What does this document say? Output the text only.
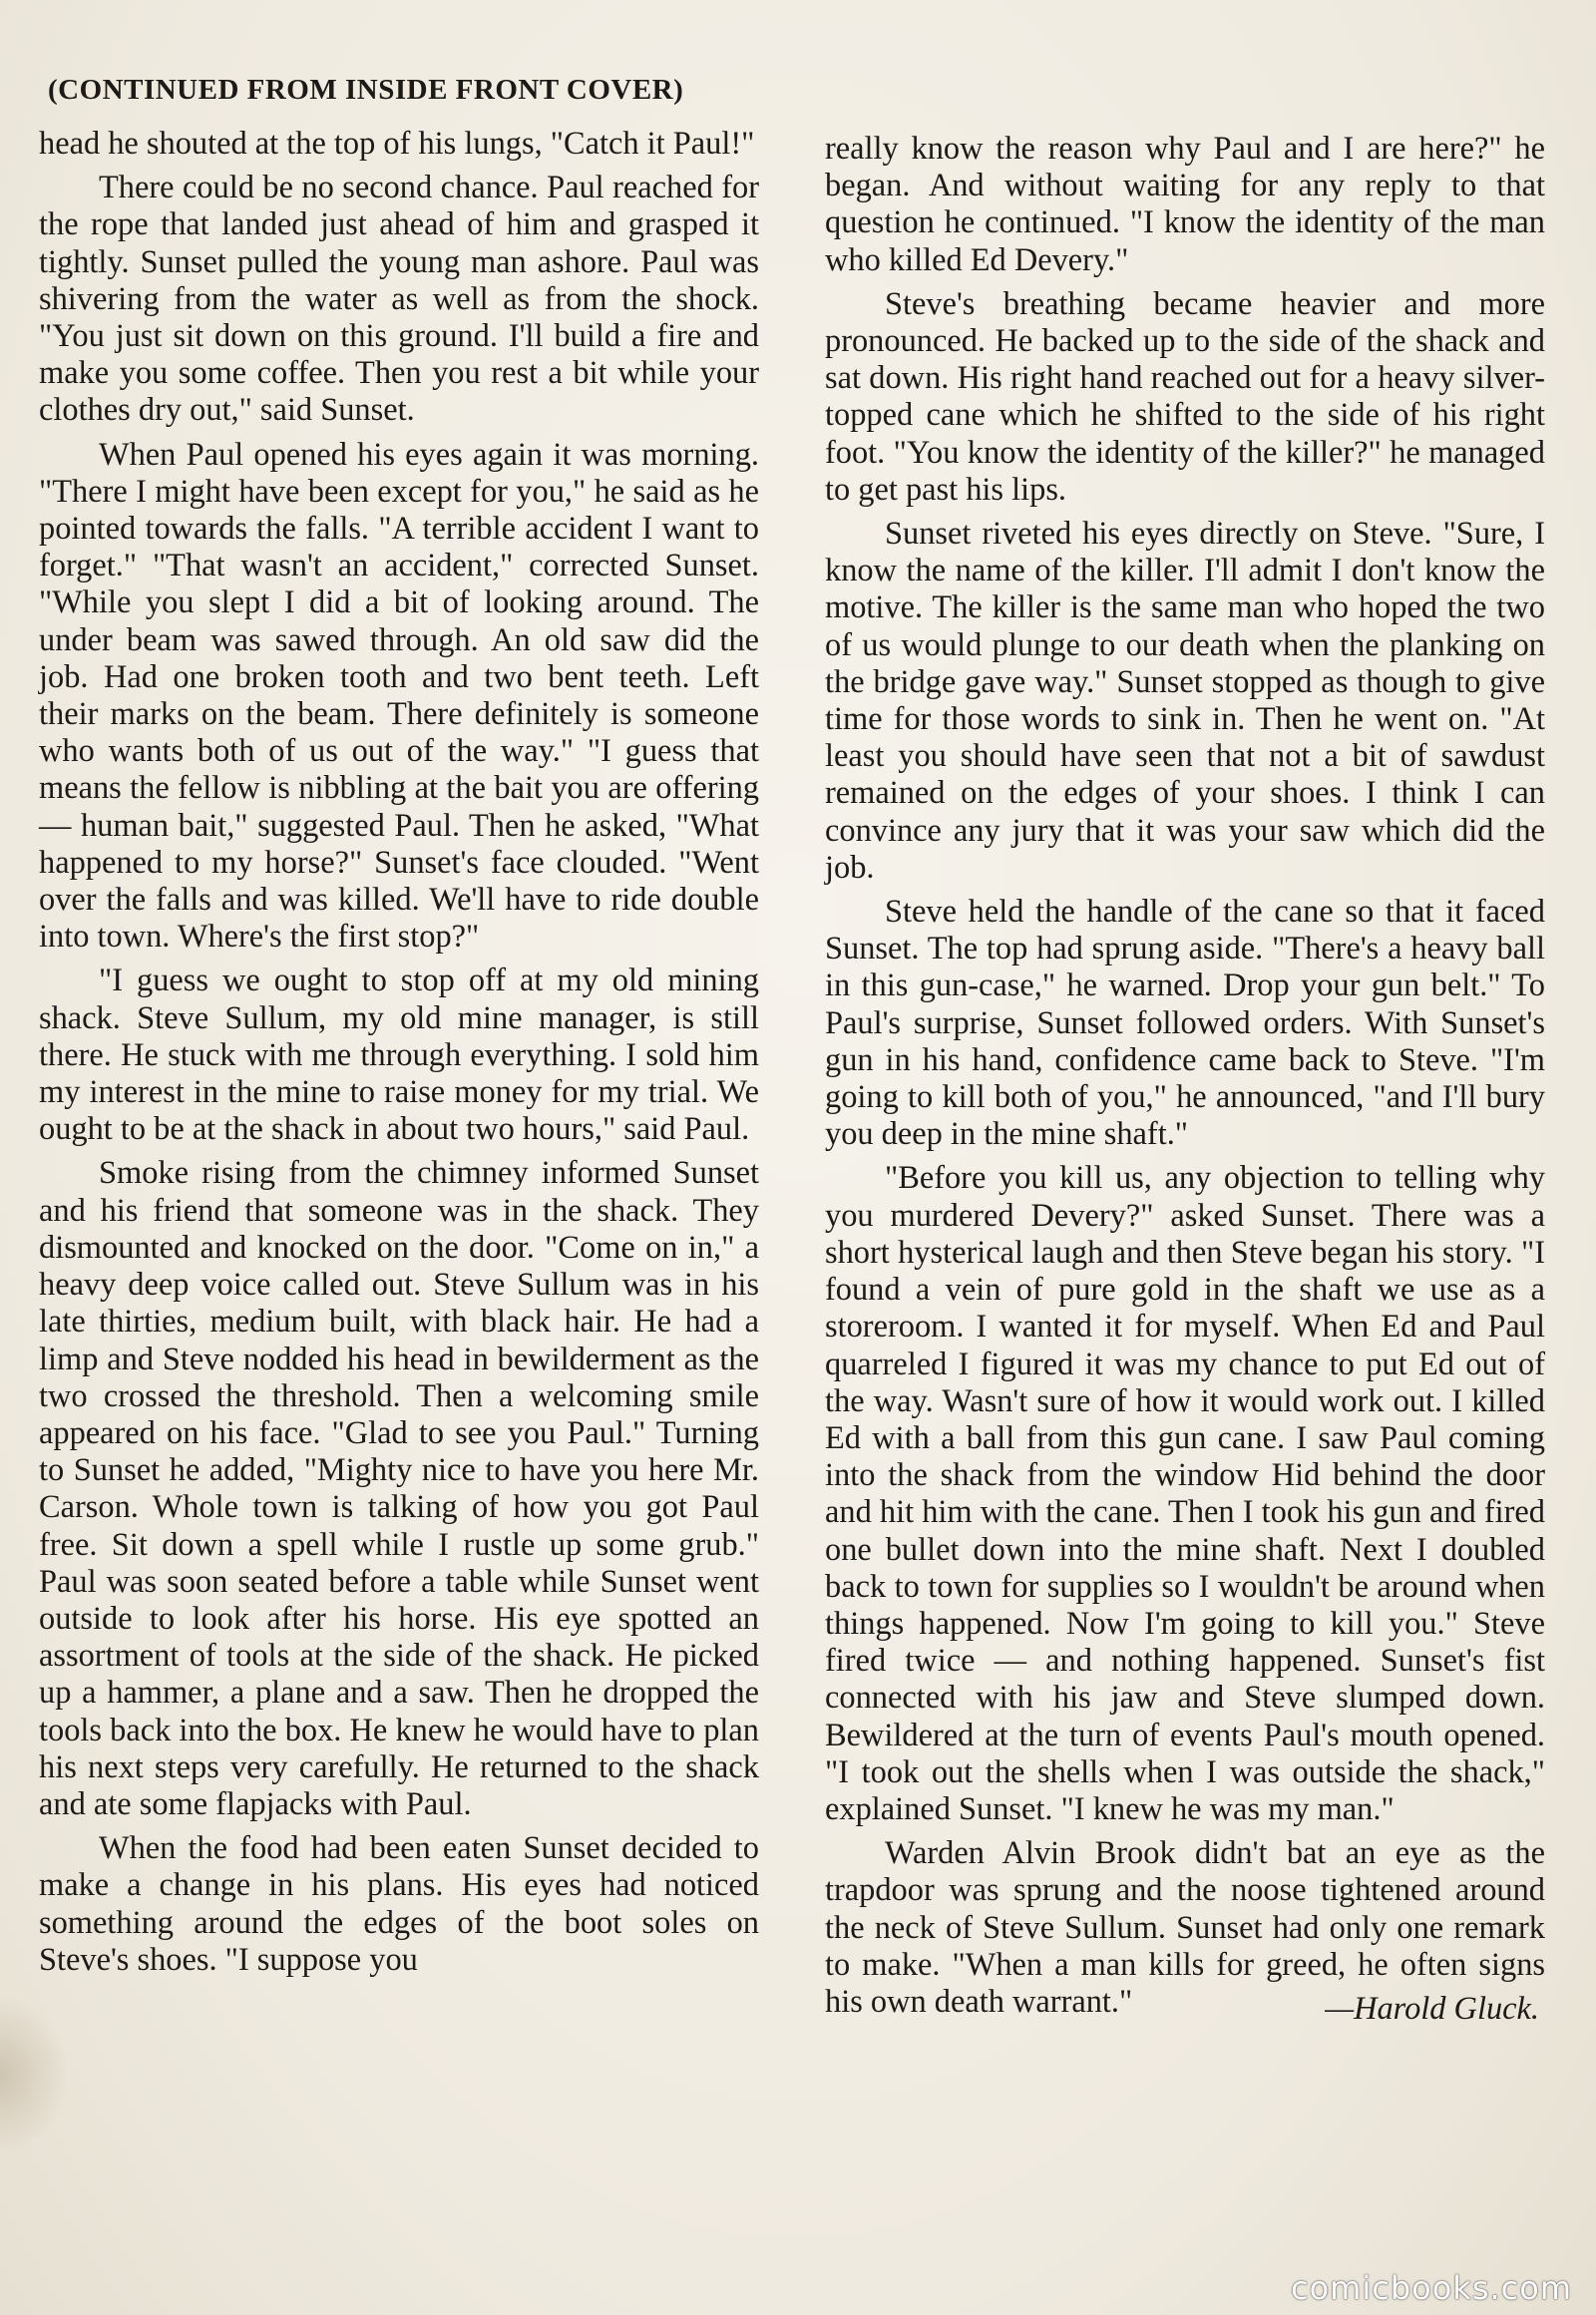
(CONTINUED FROM INSIDE FRONT COVER)

head he shouted at the top of his lungs, "Catch it Paul!"

There could be no second chance. Paul reached for the rope that landed just ahead of him and grasped it tightly. Sunset pulled the young man ashore. Paul was shivering from the water as well as from the shock. "You just sit down on this ground. I'll build a fire and make you some coffee. Then you rest a bit while your clothes dry out," said Sunset.

When Paul opened his eyes again it was morning. "There I might have been except for you," he said as he pointed towards the falls. "A terrible accident I want to forget." "That wasn't an accident," corrected Sunset. "While you slept I did a bit of looking around. The under beam was sawed through. An old saw did the job. Had one broken tooth and two bent teeth. Left their marks on the beam. There definitely is someone who wants both of us out of the way." "I guess that means the fellow is nibbling at the bait you are offering — human bait," suggested Paul. Then he asked, "What happened to my horse?" Sunset's face clouded. "Went over the falls and was killed. We'll have to ride double into town. Where's the first stop?"

"I guess we ought to stop off at my old mining shack. Steve Sullum, my old mine manager, is still there. He stuck with me through everything. I sold him my interest in the mine to raise money for my trial. We ought to be at the shack in about two hours," said Paul.

Smoke rising from the chimney informed Sunset and his friend that someone was in the shack. They dismounted and knocked on the door. "Come on in," a heavy deep voice called out. Steve Sullum was in his late thirties, medium built, with black hair. He had a limp and Steve nodded his head in bewilderment as the two crossed the threshold. Then a welcoming smile appeared on his face. "Glad to see you Paul." Turning to Sunset he added, "Mighty nice to have you here Mr. Carson. Whole town is talking of how you got Paul free. Sit down a spell while I rustle up some grub." Paul was soon seated before a table while Sunset went outside to look after his horse. His eye spotted an assortment of tools at the side of the shack. He picked up a hammer, a plane and a saw. Then he dropped the tools back into the box. He knew he would have to plan his next steps very carefully. He returned to the shack and ate some flapjacks with Paul.

When the food had been eaten Sunset decided to make a change in his plans. His eyes had noticed something around the edges of the boot soles on Steve's shoes. "I suppose you

really know the reason why Paul and I are here?" he began. And without waiting for any reply to that question he continued. "I know the identity of the man who killed Ed Devery."

Steve's breathing became heavier and more pronounced. He backed up to the side of the shack and sat down. His right hand reached out for a heavy silver-topped cane which he shifted to the side of his right foot. "You know the identity of the killer?" he managed to get past his lips.

Sunset riveted his eyes directly on Steve. "Sure, I know the name of the killer. I'll admit I don't know the motive. The killer is the same man who hoped the two of us would plunge to our death when the planking on the bridge gave way." Sunset stopped as though to give time for those words to sink in. Then he went on. "At least you should have seen that not a bit of sawdust remained on the edges of your shoes. I think I can convince any jury that it was your saw which did the job.

Steve held the handle of the cane so that it faced Sunset. The top had sprung aside. "There's a heavy ball in this gun-case," he warned. Drop your gun belt." To Paul's surprise, Sunset followed orders. With Sunset's gun in his hand, confidence came back to Steve. "I'm going to kill both of you," he announced, "and I'll bury you deep in the mine shaft."

"Before you kill us, any objection to telling why you murdered Devery?" asked Sunset. There was a short hysterical laugh and then Steve began his story. "I found a vein of pure gold in the shaft we use as a storeroom. I wanted it for myself. When Ed and Paul quarreled I figured it was my chance to put Ed out of the way. Wasn't sure of how it would work out. I killed Ed with a ball from this gun cane. I saw Paul coming into the shack from the window Hid behind the door and hit him with the cane. Then I took his gun and fired one bullet down into the mine shaft. Next I doubled back to town for supplies so I wouldn't be around when things happened. Now I'm going to kill you." Steve fired twice — and nothing happened. Sunset's fist connected with his jaw and Steve slumped down. Bewildered at the turn of events Paul's mouth opened. "I took out the shells when I was outside the shack," explained Sunset. "I knew he was my man."

Warden Alvin Brook didn't bat an eye as the trapdoor was sprung and the noose tightened around the neck of Steve Sullum. Sunset had only one remark to make. "When a man kills for greed, he often signs his own death warrant."	—Harold Gluck.
comicbooks.com
